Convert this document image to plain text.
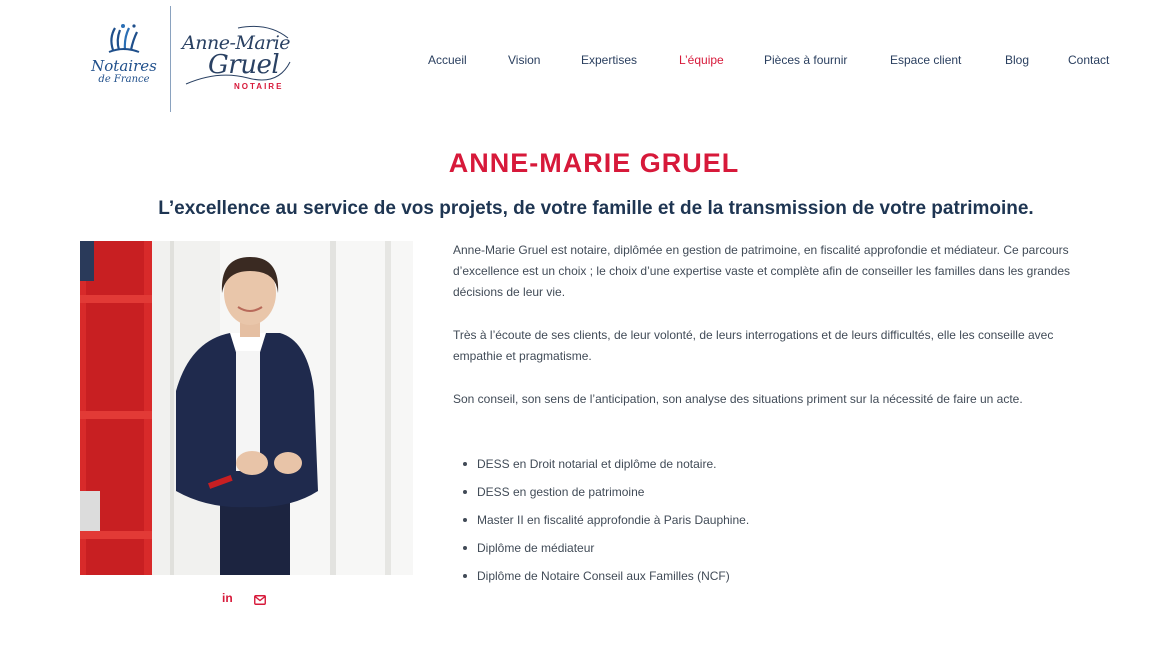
Notaires
de France
Anne-Marie
Gruel
NOTAIRE
Accueil	Vision	Expertises	L’équipe	Pièces à fournir	Espace client	Blog	Contact
ANNE-MARIE GRUEL
L’excellence au service de vos projets, de votre famille et de la transmission de votre patrimoine.
in

Anne-Marie Gruel est notaire, diplômée en gestion de patrimoine, en fiscalité approfondie et médiateur. Ce parcours d’excellence est un choix ; le choix d’une expertise vaste et complète afin de conseiller les familles dans les grandes décisions de leur vie.

Très à l’écoute de ses clients, de leur volonté, de leurs interrogations et de leurs difficultés, elle les conseille avec empathie et pragmatisme.

Son conseil, son sens de l’anticipation, son analyse des situations priment sur la nécessité de faire un acte.

DESS en Droit notarial et diplôme de notaire.
DESS en gestion de patrimoine
Master II en fiscalité approfondie à Paris Dauphine.
Diplôme de médiateur
Diplôme de Notaire Conseil aux Familles (NCF)
